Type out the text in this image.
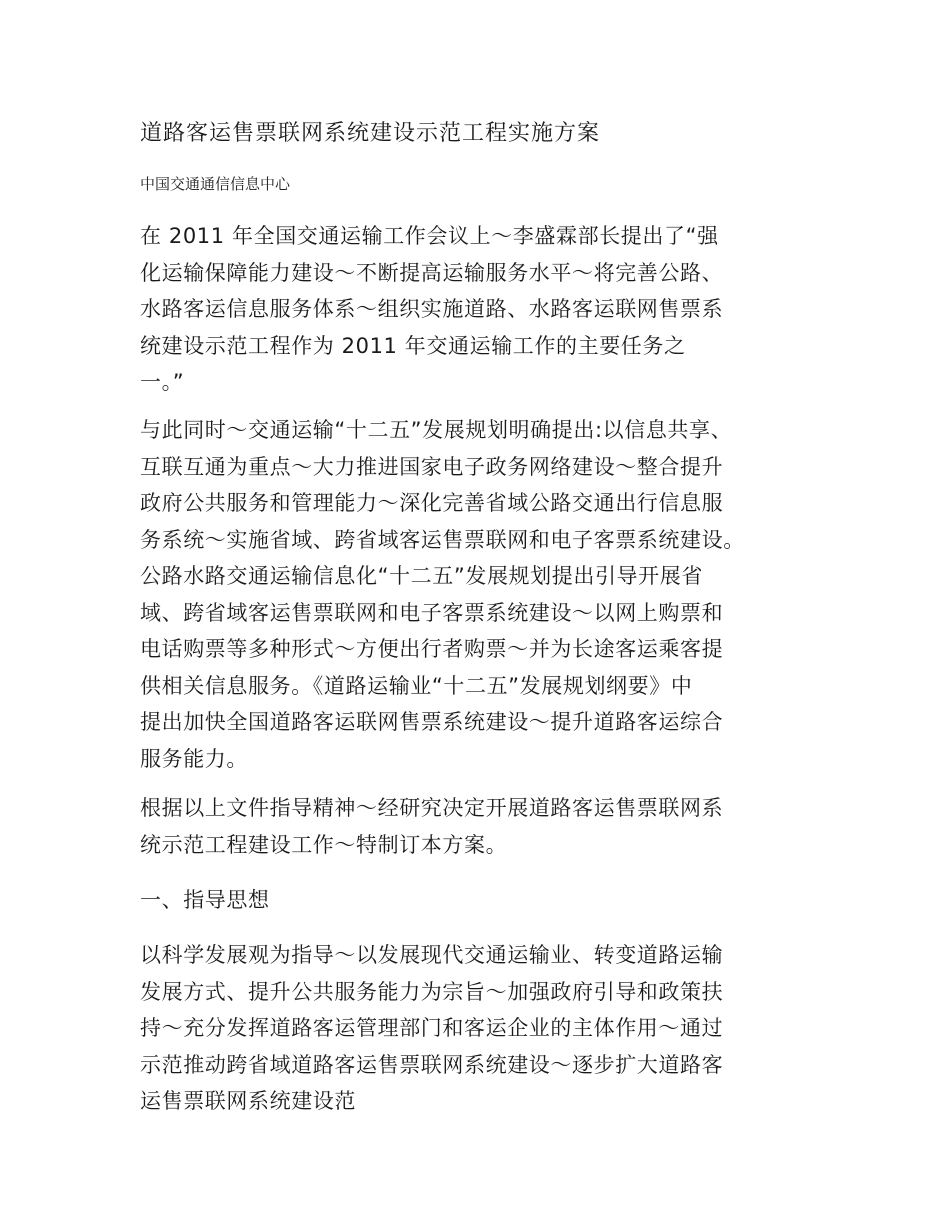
道路客运售票联网系统建设示范工程实施方案
中国交通通信信息中心
在 2011 年全国交通运输工作会议上～李盛霖部长提出了“强
化运输保障能力建设～不断提高运输服务水平～将完善公路、
水路客运信息服务体系～组织实施道路、水路客运联网售票系
统建设示范工程作为 2011 年交通运输工作的主要任务之
一。”
与此同时～交通运输“十二五”发展规划明确提出:以信息共享、
互联互通为重点～大力推进国家电子政务网络建设～整合提升
政府公共服务和管理能力～深化完善省域公路交通出行信息服
务系统～实施省域、跨省域客运售票联网和电子客票系统建设。
公路水路交通运输信息化“十二五”发展规划提出引导开展省
域、跨省域客运售票联网和电子客票系统建设～以网上购票和
电话购票等多种形式～方便出行者购票～并为长途客运乘客提
供相关信息服务。《道路运输业“十二五”发展规划纲要》中
提出加快全国道路客运联网售票系统建设～提升道路客运综合
服务能力。
根据以上文件指导精神～经研究决定开展道路客运售票联网系
统示范工程建设工作～特制订本方案。
一、指导思想
以科学发展观为指导～以发展现代交通运输业、转变道路运输
发展方式、提升公共服务能力为宗旨～加强政府引导和政策扶
持～充分发挥道路客运管理部门和客运企业的主体作用～通过
示范推动跨省域道路客运售票联网系统建设～逐步扩大道路客
运售票联网系统建设范
